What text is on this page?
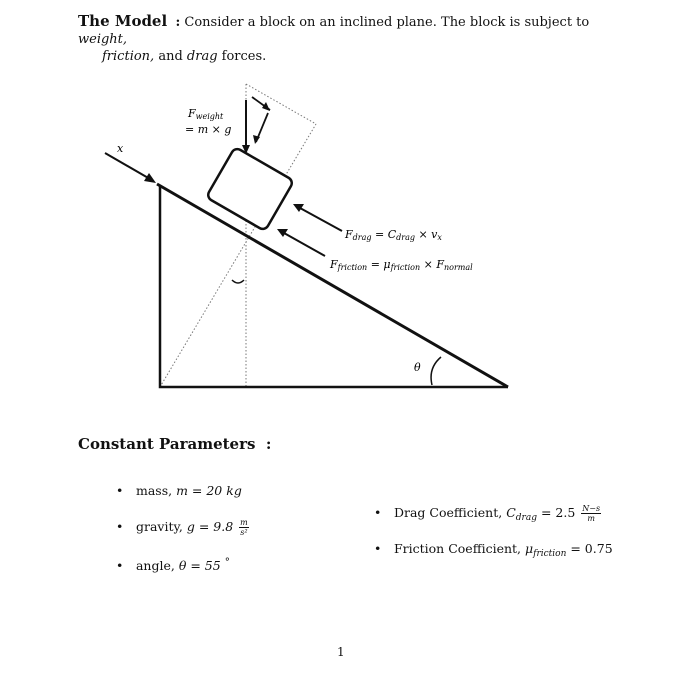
The Model : Consider a block on an inclined plane. The block is subject to weight,
friction, and drag forces.
x
Fweight
= m × g
Fdrag = Cdrag × vx
Ffriction = μfriction × Fnormal
θ
Constant Parameters :
• mass, m = 20 kg
• gravity, $g = 9.8 \frac{m}{\text{s²}}$
• angle, θ = 55 °
• Drag Coefficient, $C_{drag} = 2.5 \frac{N-s}{m}$
• Friction Coefficient, $\mu_{friction} = 0.75$
1
